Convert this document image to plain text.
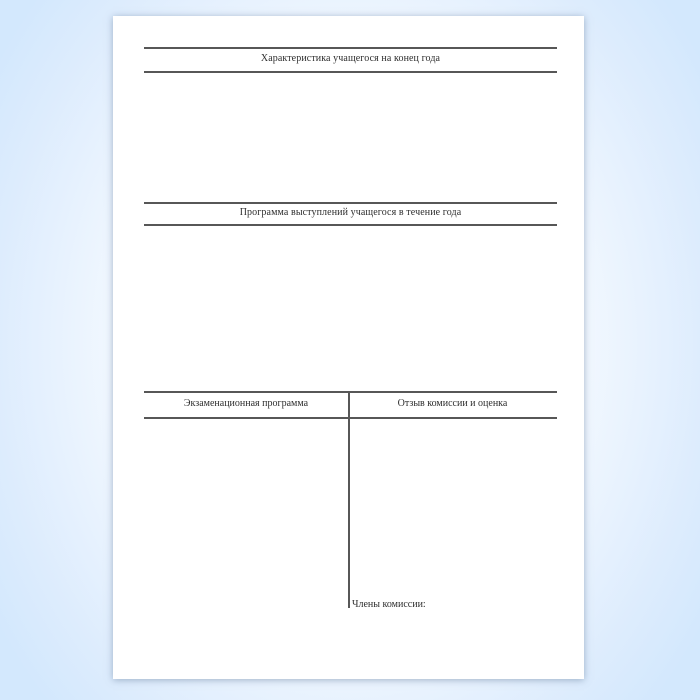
Характеристика учащегося на конец года
Программа выступлений учащегося в течение года
Экзаменационная программа	Отзыв комиссии и оценка
Члены комиссии:
